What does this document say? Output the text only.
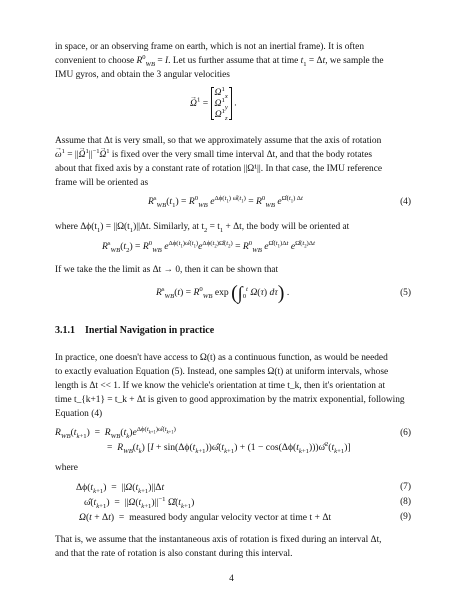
in space, or an observing frame on earth, which is not an inertial frame). It is often
convenient to choose $R^0_{WB} = I$. Let us further assume that at time $t_1 = \Delta t$, we sample the
IMU gyros, and obtain the 3 angular velocities
→ $\Omega^1$ =
$\Omega^1_x$
$\Omega^1_y$
$\Omega^1_z$
.
Assume that Δt is very small, so that we approximately assume that the axis of rotation
→ $\omega^1$ = ||→ $\Omega^1||^{-1}\to \Omega^1$ is fixed over the very small time interval Δt, and that the body rotates
about that fixed axis by a constant rate of rotation ||Ω¹||. In that case, the IMU reference
frame will be oriented as
$R^s_{WB}(t_1) = R^0_{WB}$ $e^{\Delta\phi(t_1) \omegâ(t_1)} = R^0_{WB}$ $e^{\Omegâ(t_1) \Delta t}$	(4)
where $\Delta\phi(t_1) = ||\Omega(t_1)||\Delta t$. Similarly, at $t_2 = t_1 + \Delta t$, the body will be oriented at
$R^s_{WB}(t_2) = R^0_{WB}$ $e^{\Delta\phi(t_1)\omegâ(t_1)}e^{\Delta\phi(t_2)\Omegâ(t_2)} = R^0_{WB}$ $e^{\Omegâ(t_1)\Delta t}$ $e^{\Omegâ(t_2)\Delta t}$
If we take the the limit as Δt → 0, then it can be shown that
$R^s_{WB}(t) = R^0_{WB}$ $\exp (\int_0^t$ Ω(τ) dτ) .	(5)
3.1.1 Inertial Navigation in practice
In practice, one doesn't have access to Ω(t) as a continuous function, as would be needed
to exactly evaluation Equation (5). Instead, one samples Ω(t) at uniform intervals, whose
length is Δt << 1. If we know the vehicle's orientation at time t_k, then it's orientation at
time t_{k+1} = t_k + Δt is given to good approximation by the matrix exponential, following
Equation (4)
$R_{WB}(t_{k+1}) = R_{WB}(t_k)e^{\Delta\phi(t_{k+1})\omegâ(t_{k+1})}$	(6)
=  $R_{WB}(t_k) [I$ + $\sin(\Delta\phi(t_{k+1}))\omegâ(t_{k+1}) + (1$ − $\cos(\Delta\phi(t_{k+1})))\omegâ^2(t_{k+1})$]
where
$\Delta\phi(t_{k+1}) = ||\Omega(t_{k+1})||\Delta t$	(7)
$\omegâ(t_{k+1}) = ||\Omega(t_{k+1})||^{-1}$ $\Omegâ(t_{k+1})$	(8)
Ω(t + Δt)  =  measured body angular velocity vector at time t + Δt	(9)
That is, we assume that the instantaneous axis of rotation is fixed during an interval Δt,
and that the rate of rotation is also constant during this interval.
4
